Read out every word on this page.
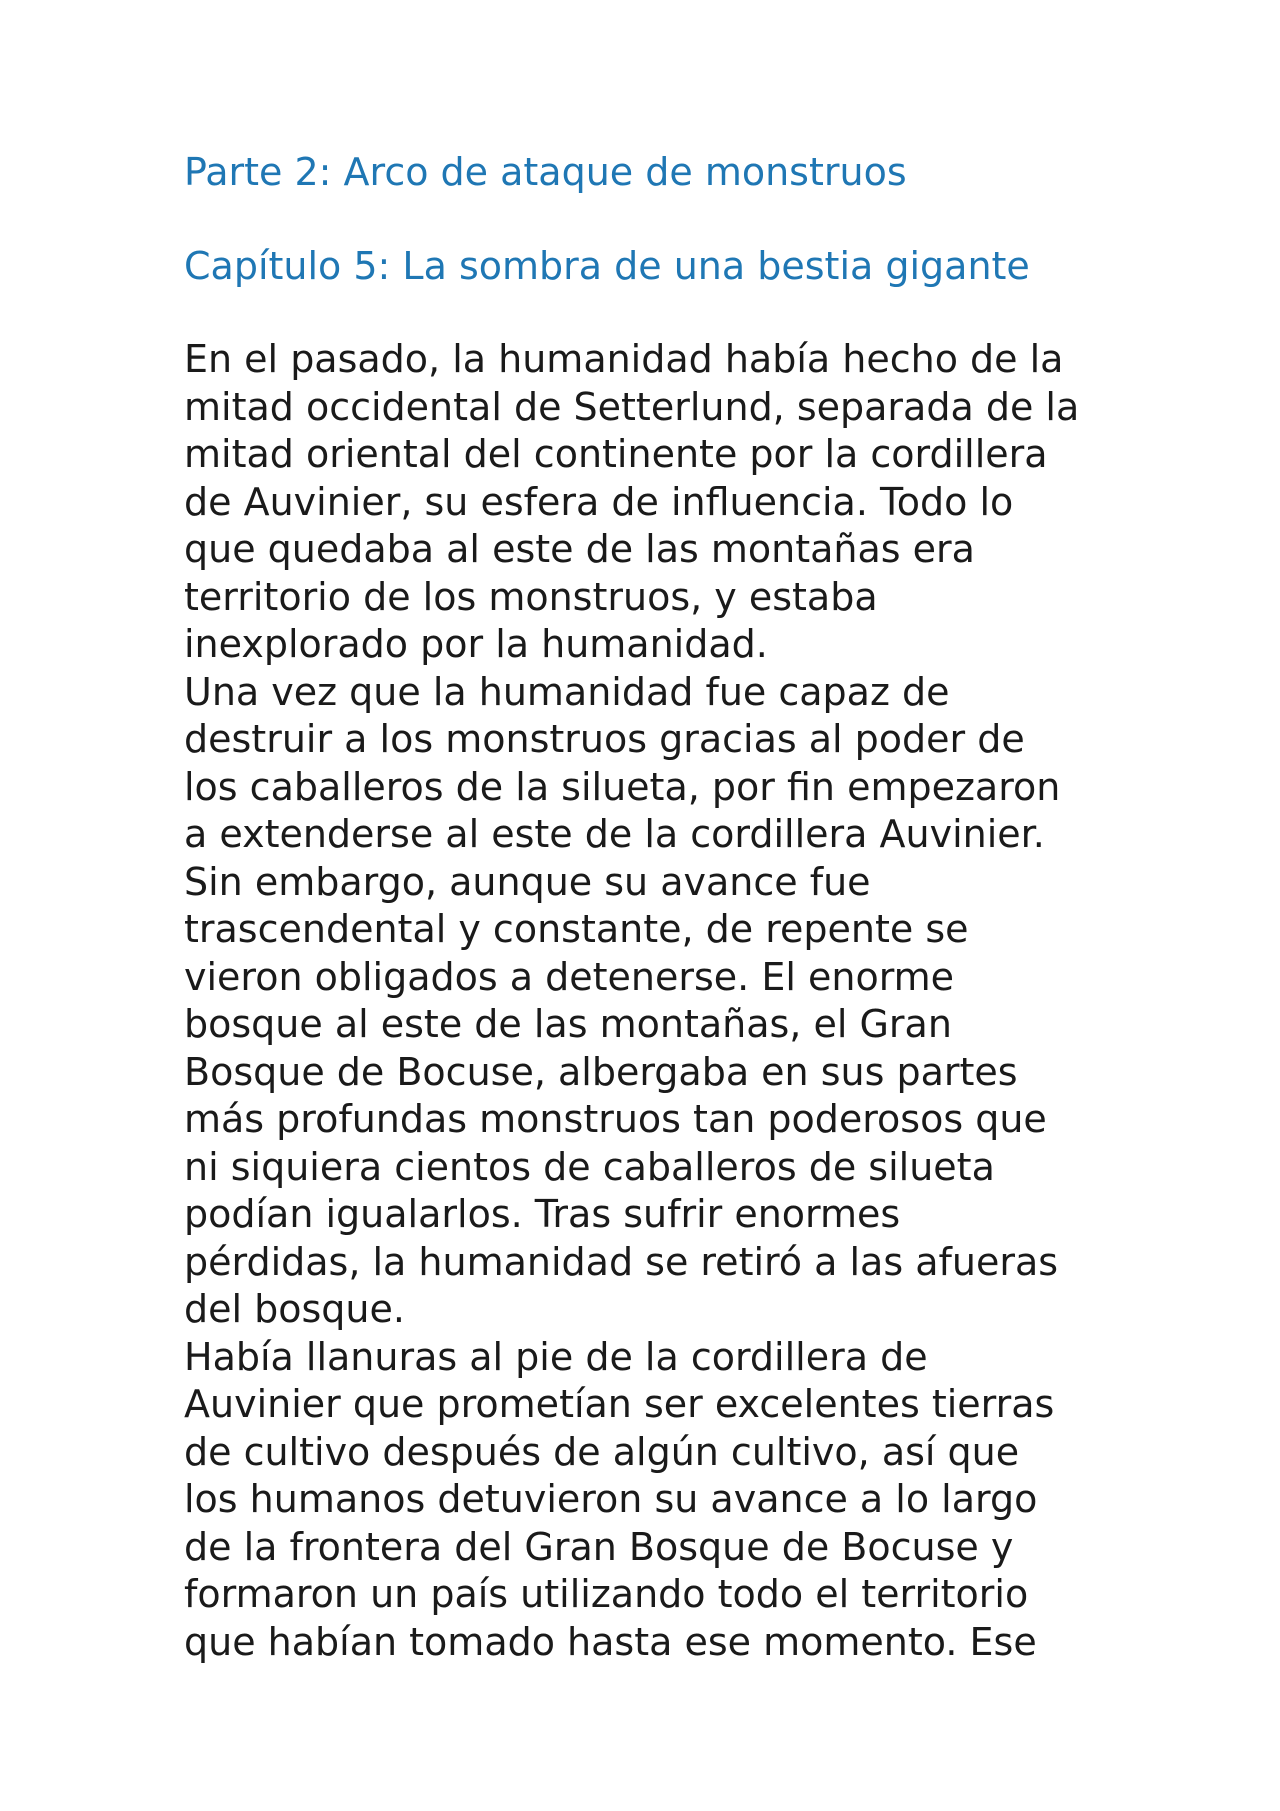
Parte 2: Arco de ataque de monstruos
Capítulo 5: La sombra de una bestia gigante

En el pasado, la humanidad había hecho de la
mitad occidental de Setterlund, separada de la
mitad oriental del continente por la cordillera
de Auvinier, su esfera de influencia. Todo lo
que quedaba al este de las montañas era
territorio de los monstruos, y estaba
inexplorado por la humanidad.

Una vez que la humanidad fue capaz de
destruir a los monstruos gracias al poder de
los caballeros de la silueta, por fin empezaron
a extenderse al este de la cordillera Auvinier.
Sin embargo, aunque su avance fue
trascendental y constante, de repente se
vieron obligados a detenerse. El enorme
bosque al este de las montañas, el Gran
Bosque de Bocuse, albergaba en sus partes
más profundas monstruos tan poderosos que
ni siquiera cientos de caballeros de silueta
podían igualarlos. Tras sufrir enormes
pérdidas, la humanidad se retiró a las afueras
del bosque.

Había llanuras al pie de la cordillera de
Auvinier que prometían ser excelentes tierras
de cultivo después de algún cultivo, así que
los humanos detuvieron su avance a lo largo
de la frontera del Gran Bosque de Bocuse y
formaron un país utilizando todo el territorio
que habían tomado hasta ese momento. Ese
